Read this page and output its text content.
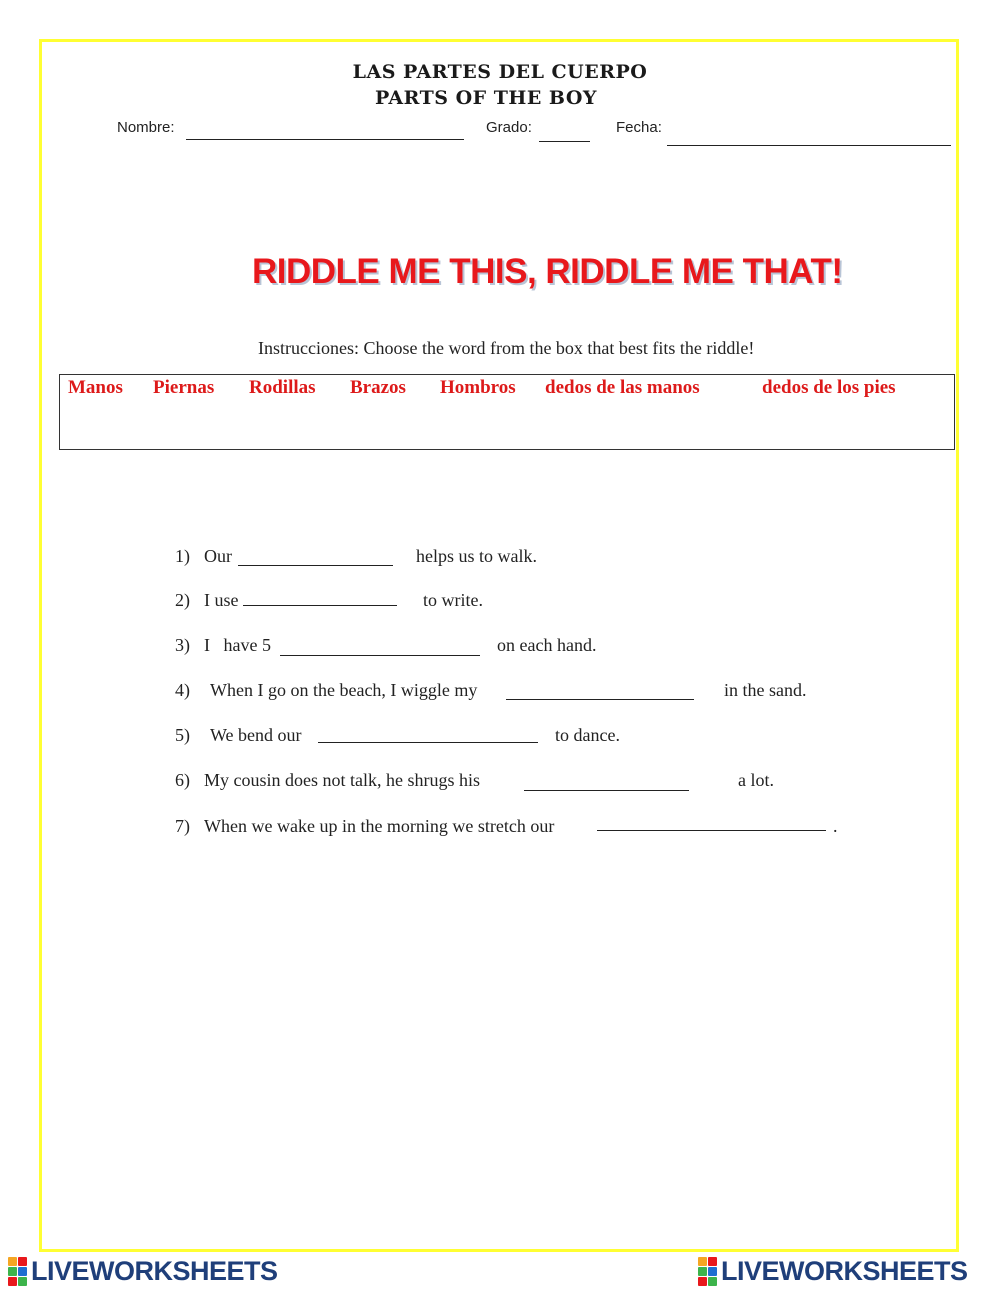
LAS PARTES DEL CUERPO
PARTS OF THE BOY
Nombre:	Grado:	Fecha:
RIDDLE ME THIS, RIDDLE ME THAT!
Instrucciones: Choose the word from the box that best fits the riddle!
Manos Piernas Rodillas Brazos Hombros dedos de las manos	dedos de los pies
1) Our	helps us to walk.
2) I use	to write.
3) I   have 5	on each hand.
4) When I go on the beach, I wiggle my	in the sand.
5) We bend our	to dance.
6) My cousin does not talk, he shrugs his	a lot.
7) When we wake up in the morning we stretch our	.
LIVEWORKSHEETS	LIVEWORKSHEETS
